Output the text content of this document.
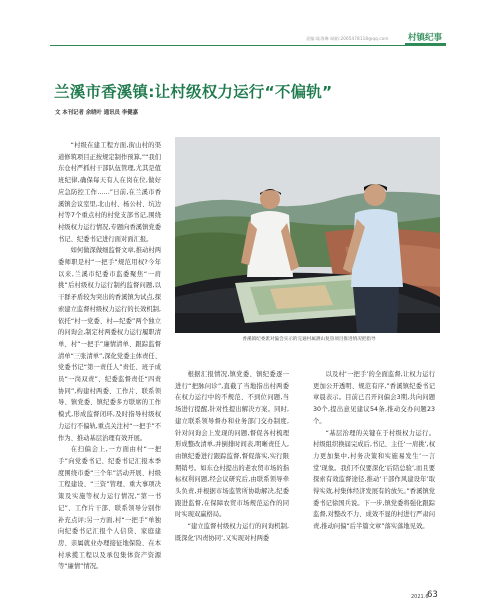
责编:陆海琳 邮箱:2065478118@qq.com 村镇纪事
兰溪市香溪镇:让村级权力运行“不偏轨”
文 本刊记者 余晓叶 通讯员 李健嘉

“村级在建工程方面,街山村的渠道修筑项目正按规定制作预算,”“我们东仓村严抓村干部队伍管理,尤其是值班纪律,确保每天有人在岗在位,做好应急防控工作……”日前,在兰溪市香溪镇会议室里,北山村、杨公村、坑边村等7个重点村的村党支部书记,围绕村级权力运行情况,专题向香溪镇党委书记、纪委书记进行面对面汇报。

如何做深做细监督文章,推动村两委师职是村“一把手”规范用权?今年以来,兰溪市纪委市监委聚焦“一肩挑”后村级权力运行制约监督问题,以干群矛盾较为突出的香溪镇为试点,探索建立监督村级权力运行的长效机制,依托“村一党委、村—纪委”两个独立的问询会,制定村两委权力运行履职清单、村“一把手”廉情清单、跟踪监督清单“三张清单”,深化党委主体责任、党委书记“第一责任人”责任、班子成员“一岗双责”、纪委监督责任“四责协同”,构建村两委、工作片、联系领导、镇党委、镇纪委多方联席的工作模式,形成监督闭环,及时指导村级权力运行不偏轨,重点关注村“一把手”不作为、推动基层治理有效开展。

在扫偏会上,一方面由村“一把手”向党委书记、纪委书记汇报本季度围绕市委“三个年”活动开展、村级工程建设、“三资”管理、重大事项决策及实施等权力运行情况,“第一书记”、工作片干部、联系领导分别作补充点评;另一方面,村“一把手”单独向纪委书记汇报个人信贷、家庭建房、亲属就业办理接征地保险、在本村承揽工程以及承包集体资产资源等“廉情”情况。

香溪镇纪委派对偏会实示的完通村属测山复垦项目推进情况把指导

根据汇报情况,镇党委、镇纪委逐一进行“把脉问诊”,直截了当地指出村两委在权力运行中的不规范、不到位问题,当场进行提醒,针对性提出解决方案。同时,建立联系领导督办和业务部门交办制度,针对问询会上发现的问题,督促各村梳理形成整改清单,并倒排时间表,明晰责任人,由镇纪委进行跟踪监督,督促落实,实行限期销号。如东仓村提出的老农贸市场的指标权利问题,经会议研究后,由联系领导牵头负责,并根据市场监管所协助解决,纪委跟进监督,在保障农贸市场规范运作的同时实现双赢格局。

“建立监督村级权力运行的问询机制,既深化‘四责协同’,又实现对村两委

以及村‘一把手’的全面监督,让权力运行更加公开透明、规范有序,”香溪镇纪委书记章晨表示。目前已召开问偏会3期,共向问题30个,提出意见建议54条,推动交办问题23个。

“基层治理的关键在于村级权力运行。村级组织换届完成后,书记、主任‘一肩挑’,权力更加集中,村务决策和实施易发生‘一言堂’现象。我们不仅要深化‘后陪总验’,而且要探索有效监督途径,推动‘干部作风建设年’取得实效,村集体经济发展有的放矢。”香溪镇党委书记徐国兵说。下一步,镇党委将强化跟踪监督,对整改不力、成效不显的村进行严肃问责,推动问偏“后半篇文章”落实落地见效。

2021.6
63
